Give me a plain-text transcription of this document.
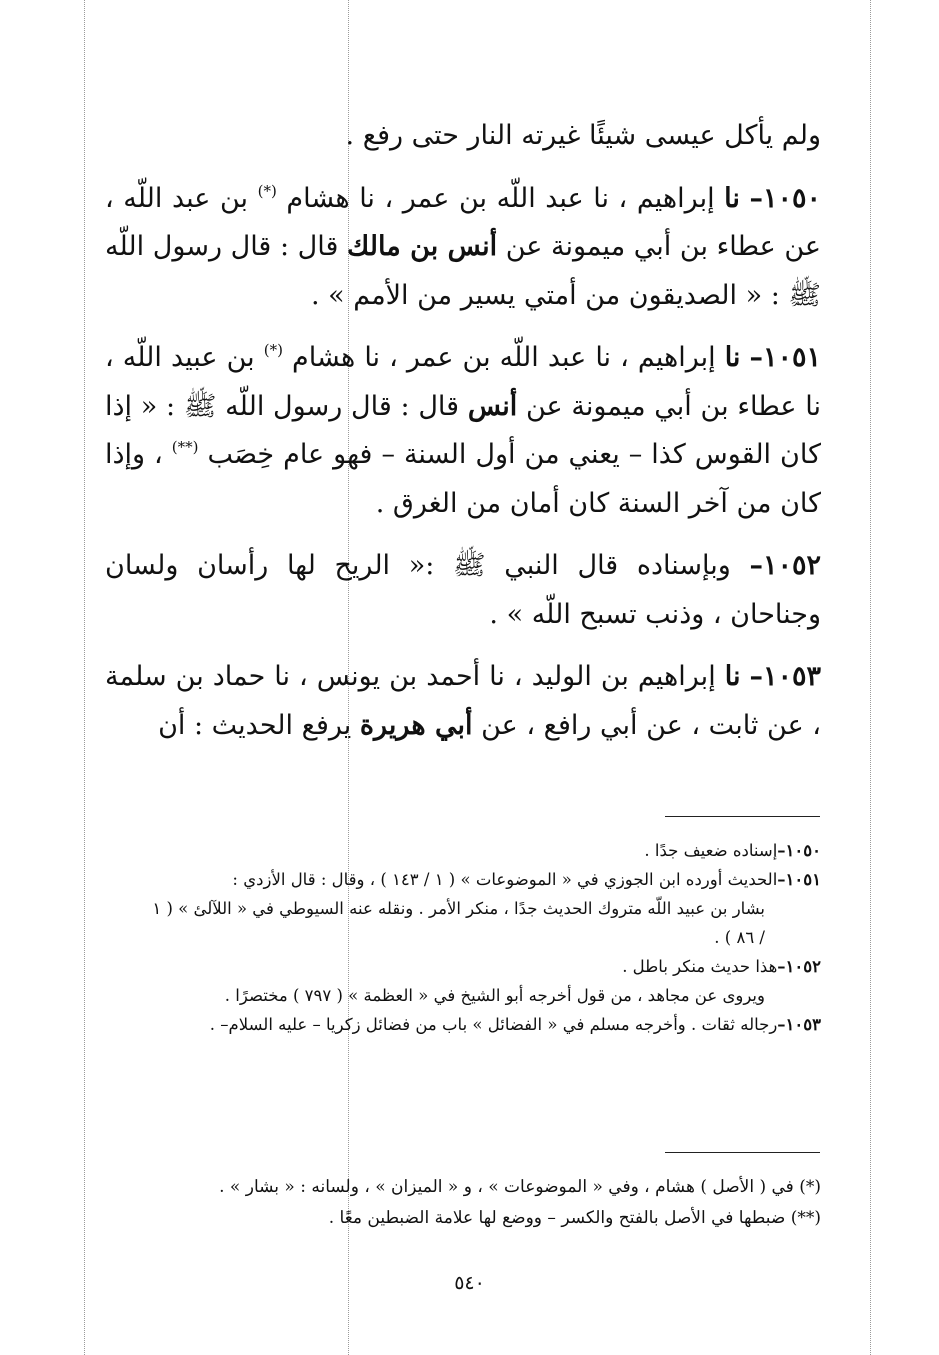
ولم يأكل عيسى شيئًا غيرته النار حتى رفع .

١٠٥٠– نا إبراهيم ، نا عبد اللّه بن عمر ، نا هشام (*) بن عبد اللّه ، عن عطاء بن أبي ميمونة عن أنس بن مالك قال : قال رسول اللّه ﷺ : « الصديقون من أمتي يسير من الأمم » .

١٠٥١– نا إبراهيم ، نا عبد اللّه بن عمر ، نا هشام (*) بن عبيد اللّه ، نا عطاء بن أبي ميمونة عن أنس قال : قال رسول اللّه ﷺ : « إذا كان القوس كذا – يعني من أول السنة – فهو عام خِصَب (**) ، وإذا كان من آخر السنة كان أمان من الغرق .

١٠٥٢– وبإسناده قال النبي ﷺ :« الريح لها رأسان ولسان وجناحان ، وذنب تسبح اللّه » .

١٠٥٣– نا إبراهيم بن الوليد ، نا أحمد بن يونس ، نا حماد بن سلمة ، عن ثابت ، عن أبي رافع ، عن أبي هريرة يرفع الحديث : أن

١٠٥٠–إسناده ضعيف جدًا .

١٠٥١–الحديث أورده ابن الجوزي في « الموضوعات » ( ١ / ١٤٣ ) ، وقال : قال الأزدي :
بشار بن عبيد اللّه متروك الحديث جدًا ، منكر الأمر . ونقله عنه السيوطي في « اللآلئ » ( ١
/ ٨٦ ) .

١٠٥٢–هذا حديث منكر باطل .
ويروى عن مجاهد ، من قول أخرجه أبو الشيخ في « العظمة » ( ٧٩٧ ) مختصرًا .

١٠٥٣–رجاله ثقات . وأخرجه مسلم في « الفضائل » باب من فضائل زكريا – عليه السلام– .

(*) في ( الأصل ) هشام ، وفي « الموضوعات » ، و « الميزان » ، ولسانه : « بشار » .

(**) ضبطها في الأصل بالفتح والكسر – ووضع لها علامة الضبطين معًا .

٥٤٠
